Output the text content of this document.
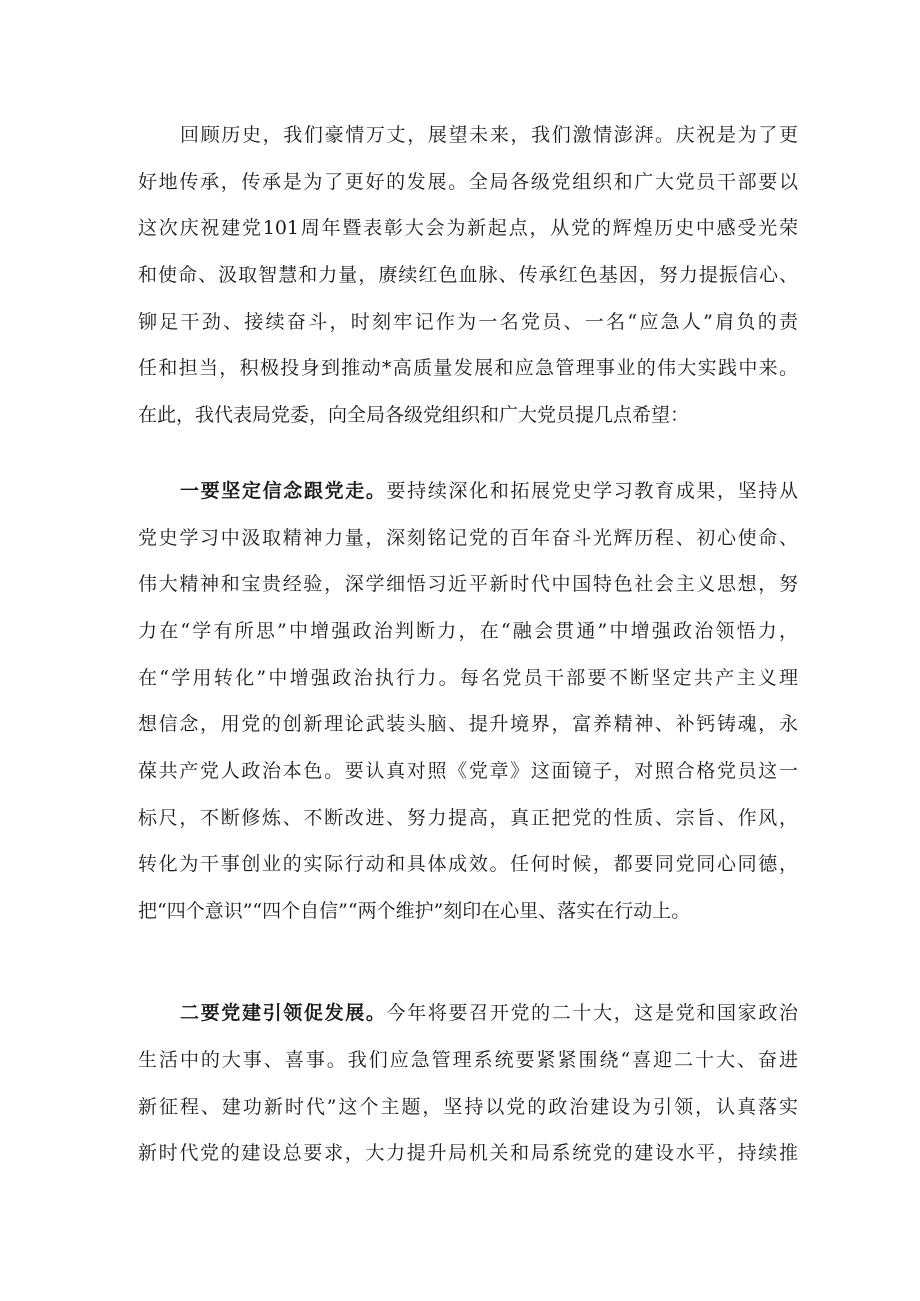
回顾历史，我们豪情万丈，展望未来，我们激情澎湃。庆祝是为了更
好地传承，传承是为了更好的发展。全局各级党组织和广大党员干部要以
这次庆祝建党101周年暨表彰大会为新起点，从党的辉煌历史中感受光荣
和使命、汲取智慧和力量，赓续红色血脉、传承红色基因，努力提振信心、
铆足干劲、接续奋斗，时刻牢记作为一名党员、一名“应急人”肩负的责
任和担当，积极投身到推动*高质量发展和应急管理事业的伟大实践中来。
在此，我代表局党委，向全局各级党组织和广大党员提几点希望：
一要坚定信念跟党走。要持续深化和拓展党史学习教育成果，坚持从
党史学习中汲取精神力量，深刻铭记党的百年奋斗光辉历程、初心使命、
伟大精神和宝贵经验，深学细悟习近平新时代中国特色社会主义思想，努
力在“学有所思”中增强政治判断力，在“融会贯通”中增强政治领悟力，
在“学用转化”中增强政治执行力。每名党员干部要不断坚定共产主义理
想信念，用党的创新理论武装头脑、提升境界，富养精神、补钙铸魂，永
葆共产党人政治本色。要认真对照《党章》这面镜子，对照合格党员这一
标尺，不断修炼、不断改进、努力提高，真正把党的性质、宗旨、作风，
转化为干事创业的实际行动和具体成效。任何时候，都要同党同心同德，
把“四个意识”“四个自信”“两个维护”刻印在心里、落实在行动上。
二要党建引领促发展。今年将要召开党的二十大，这是党和国家政治
生活中的大事、喜事。我们应急管理系统要紧紧围绕“喜迎二十大、奋进
新征程、建功新时代”这个主题，坚持以党的政治建设为引领，认真落实
新时代党的建设总要求，大力提升局机关和局系统党的建设水平，持续推
